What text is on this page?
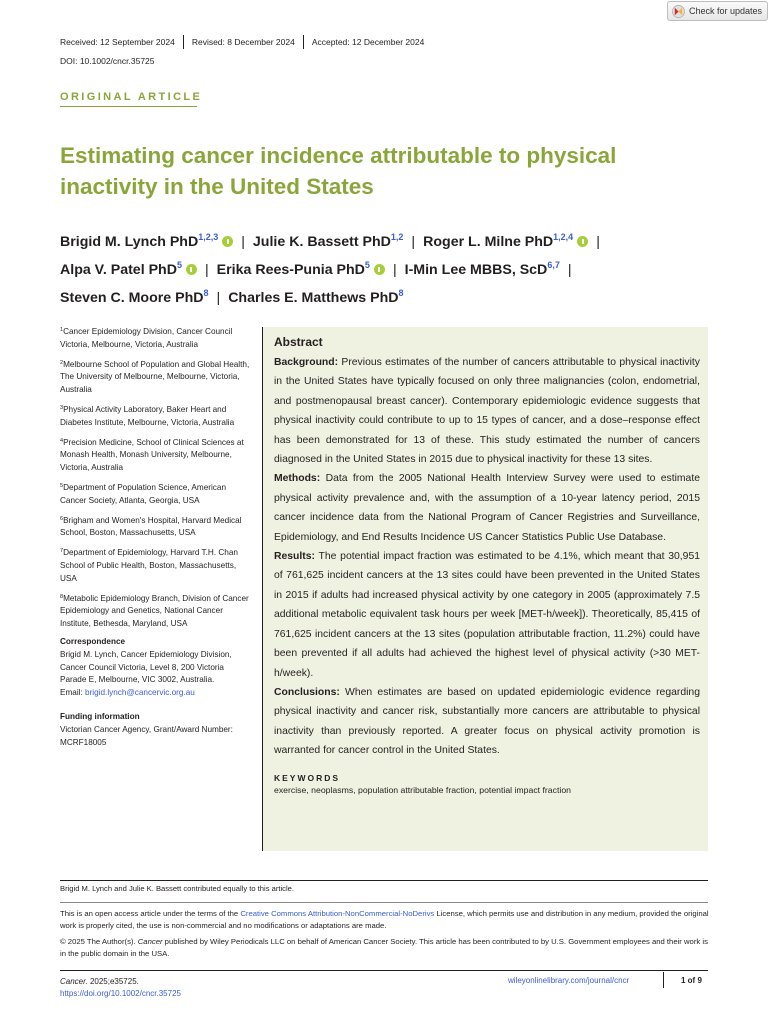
Check for updates
Received: 12 September 2024 Revised: 8 December 2024 Accepted: 12 December 2024
DOI: 10.1002/cncr.35725
ORIGINAL ARTICLE
Estimating cancer incidence attributable to physical inactivity in the United States
Brigid M. Lynch PhD$^{1,2,3}$ | Julie K. Bassett PhD$^{1,2}$ | Roger L. Milne PhD$^{1,2,4}$ |
Alpa V. Patel PhD$^5$ | Erika Rees-Punia PhD$^5$ | I-Min Lee MBBS, ScD$^{6,7}$ |
Steven C. Moore PhD$^8$ | Charles E. Matthews PhD$^8$
$^1$Cancer Epidemiology Division, Cancer Council Victoria, Melbourne, Victoria, Australia
$^2$Melbourne School of Population and Global Health, The University of Melbourne, Melbourne, Victoria, Australia
$^3$Physical Activity Laboratory, Baker Heart and Diabetes Institute, Melbourne, Victoria, Australia
$^4$Precision Medicine, School of Clinical Sciences at Monash Health, Monash University, Melbourne, Victoria, Australia
$^5$Department of Population Science, American Cancer Society, Atlanta, Georgia, USA
$^6$Brigham and Women's Hospital, Harvard Medical School, Boston, Massachusetts, USA
$^7$Department of Epidemiology, Harvard T.H. Chan School of Public Health, Boston, Massachusetts, USA
$^8$Metabolic Epidemiology Branch, Division of Cancer Epidemiology and Genetics, National Cancer Institute, Bethesda, Maryland, USA
Correspondence
Brigid M. Lynch, Cancer Epidemiology Division, Cancer Council Victoria, Level 8, 200 Victoria Parade E, Melbourne, VIC 3002, Australia.
Email: brigid.lynch@cancervic.org.au
Funding information
Victorian Cancer Agency, Grant/Award Number: MCRF18005
Abstract

Background: Previous estimates of the number of cancers attributable to physical inactivity in the United States have typically focused on only three malignancies (colon, endometrial, and postmenopausal breast cancer). Contemporary epidemiologic evidence suggests that physical inactivity could contribute to up to 15 types of cancer, and a dose–response effect has been demonstrated for 13 of these. This study estimated the number of cancers diagnosed in the United States in 2015 due to physical inactivity for these 13 sites.

Methods: Data from the 2005 National Health Interview Survey were used to estimate physical activity prevalence and, with the assumption of a 10-year latency period, 2015 cancer incidence data from the National Program of Cancer Registries and Surveillance, Epidemiology, and End Results Incidence US Cancer Statistics Public Use Database.

Results: The potential impact fraction was estimated to be 4.1%, which meant that 30,951 of 761,625 incident cancers at the 13 sites could have been prevented in the United States in 2015 if adults had increased physical activity by one category in 2005 (approximately 7.5 additional metabolic equivalent task hours per week [MET-h/week]). Theoretically, 85,415 of 761,625 incident cancers at the 13 sites (population attributable fraction, 11.2%) could have been prevented if all adults had achieved the highest level of physical activity (>30 MET-h/week).

Conclusions: When estimates are based on updated epidemiologic evidence regarding physical inactivity and cancer risk, substantially more cancers are attributable to physical inactivity than previously reported. A greater focus on physical activity promotion is warranted for cancer control in the United States.

KEYWORDS
exercise, neoplasms, population attributable fraction, potential impact fraction
Brigid M. Lynch and Julie K. Bassett contributed equally to this article.
This is an open access article under the terms of the Creative Commons Attribution-NonCommercial-NoDerivs License, which permits use and distribution in any medium, provided the original work is properly cited, the use is non-commercial and no modifications or adaptations are made.
© 2025 The Author(s). Cancer published by Wiley Periodicals LLC on behalf of American Cancer Society. This article has been contributed to by U.S. Government employees and their work is in the public domain in the USA.
Cancer. 2025;e35725.
https://doi.org/10.1002/cncr.35725
wileyonlinelibrary.com/journal/cncr	1 of 9
